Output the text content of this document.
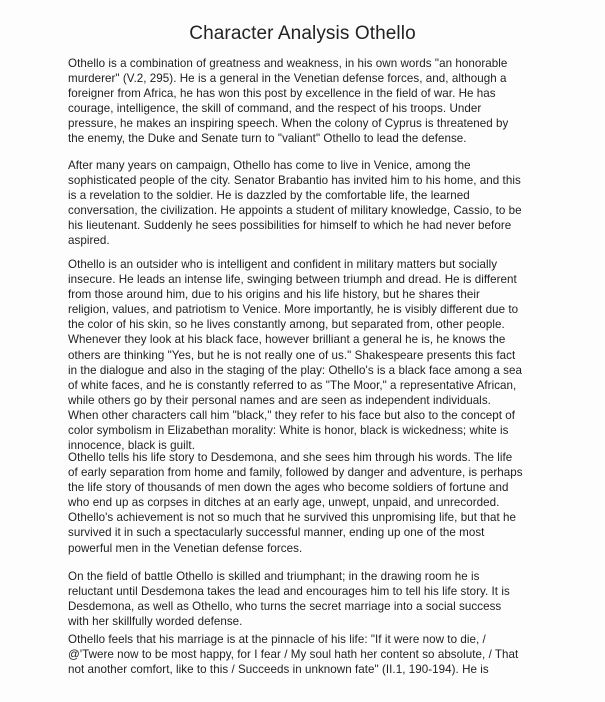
Character Analysis Othello
Othello is a combination of greatness and weakness, in his own words "an honorable
murderer" (V.2, 295). He is a general in the Venetian defense forces, and, although a
foreigner from Africa, he has won this post by excellence in the field of war. He has
courage, intelligence, the skill of command, and the respect of his troops. Under
pressure, he makes an inspiring speech. When the colony of Cyprus is threatened by
the enemy, the Duke and Senate turn to "valiant" Othello to lead the defense.
After many years on campaign, Othello has come to live in Venice, among the
sophisticated people of the city. Senator Brabantio has invited him to his home, and this
is a revelation to the soldier. He is dazzled by the comfortable life, the learned
conversation, the civilization. He appoints a student of military knowledge, Cassio, to be
his lieutenant. Suddenly he sees possibilities for himself to which he had never before
aspired.
Othello is an outsider who is intelligent and confident in military matters but socially
insecure. He leads an intense life, swinging between triumph and dread. He is different
from those around him, due to his origins and his life history, but he shares their
religion, values, and patriotism to Venice. More importantly, he is visibly different due to
the color of his skin, so he lives constantly among, but separated from, other people.
Whenever they look at his black face, however brilliant a general he is, he knows the
others are thinking "Yes, but he is not really one of us." Shakespeare presents this fact
in the dialogue and also in the staging of the play: Othello's is a black face among a sea
of white faces, and he is constantly referred to as "The Moor," a representative African,
while others go by their personal names and are seen as independent individuals.
When other characters call him "black," they refer to his face but also to the concept of
color symbolism in Elizabethan morality: White is honor, black is wickedness; white is
innocence, black is guilt.
Othello tells his life story to Desdemona, and she sees him through his words. The life
of early separation from home and family, followed by danger and adventure, is perhaps
the life story of thousands of men down the ages who become soldiers of fortune and
who end up as corpses in ditches at an early age, unwept, unpaid, and unrecorded.
Othello's achievement is not so much that he survived this unpromising life, but that he
survived it in such a spectacularly successful manner, ending up one of the most
powerful men in the Venetian defense forces.
On the field of battle Othello is skilled and triumphant; in the drawing room he is
reluctant until Desdemona takes the lead and encourages him to tell his life story. It is
Desdemona, as well as Othello, who turns the secret marriage into a social success
with her skillfully worded defense.
Othello feels that his marriage is at the pinnacle of his life: "If it were now to die, /
@'Twere now to be most happy, for I fear / My soul hath her content so absolute, / That
not another comfort, like to this / Succeeds in unknown fate" (II.1, 190-194). He is
